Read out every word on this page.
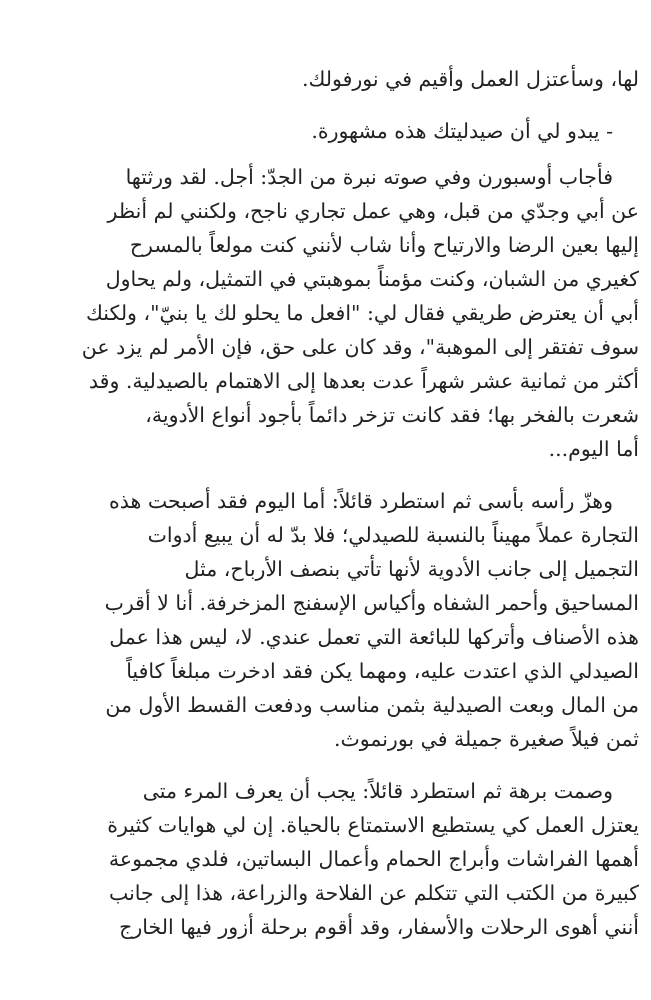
لها، وسأعتزل العمل وأقيم في نورفولك.

- يبدو لي أن صيدليتك هذه مشهورة.

فأجاب أوسبورن وفي صوته نبرة من الجدّ: أجل. لقد ورثتها
عن أبي وجدّي من قبل، وهي عمل تجاري ناجح، ولكنني لم أنظر
إليها بعين الرضا والارتياح وأنا شاب لأنني كنت مولعاً بالمسرح
كغيري من الشبان، وكنت مؤمناً بموهبتي في التمثيل، ولم يحاول
أبي أن يعترض طريقي فقال لي: "افعل ما يحلو لك يا بنيّ"، ولكنك
سوف تفتقر إلى الموهبة"، وقد كان على حق، فإن الأمر لم يزد عن
أكثر من ثمانية عشر شهراً عدت بعدها إلى الاهتمام بالصيدلية. وقد
شعرت بالفخر بها؛ فقد كانت تزخر دائماً بأجود أنواع الأدوية،
أما اليوم...

وهزّ رأسه بأسى ثم استطرد قائلاً: أما اليوم فقد أصبحت هذه
التجارة عملاً مهيناً بالنسبة للصيدلي؛ فلا بدّ له أن يبيع أدوات
التجميل إلى جانب الأدوية لأنها تأتي بنصف الأرباح، مثل
المساحيق وأحمر الشفاه وأكياس الإسفنج المزخرفة. أنا لا أقرب
هذه الأصناف وأتركها للبائعة التي تعمل عندي. لا، ليس هذا عمل
الصيدلي الذي اعتدت عليه، ومهما يكن فقد ادخرت مبلغاً كافياً
من المال وبعت الصيدلية بثمن مناسب ودفعت القسط الأول من
ثمن فيلاً صغيرة جميلة في بورنموث.

وصمت برهة ثم استطرد قائلاً: يجب أن يعرف المرء متى
يعتزل العمل كي يستطيع الاستمتاع بالحياة. إن لي هوايات كثيرة
أهمها الفراشات وأبراج الحمام وأعمال البساتين، فلدي مجموعة
كبيرة من الكتب التي تتكلم عن الفلاحة والزراعة، هذا إلى جانب
أنني أهوى الرحلات والأسفار، وقد أقوم برحلة أزور فيها الخارج
